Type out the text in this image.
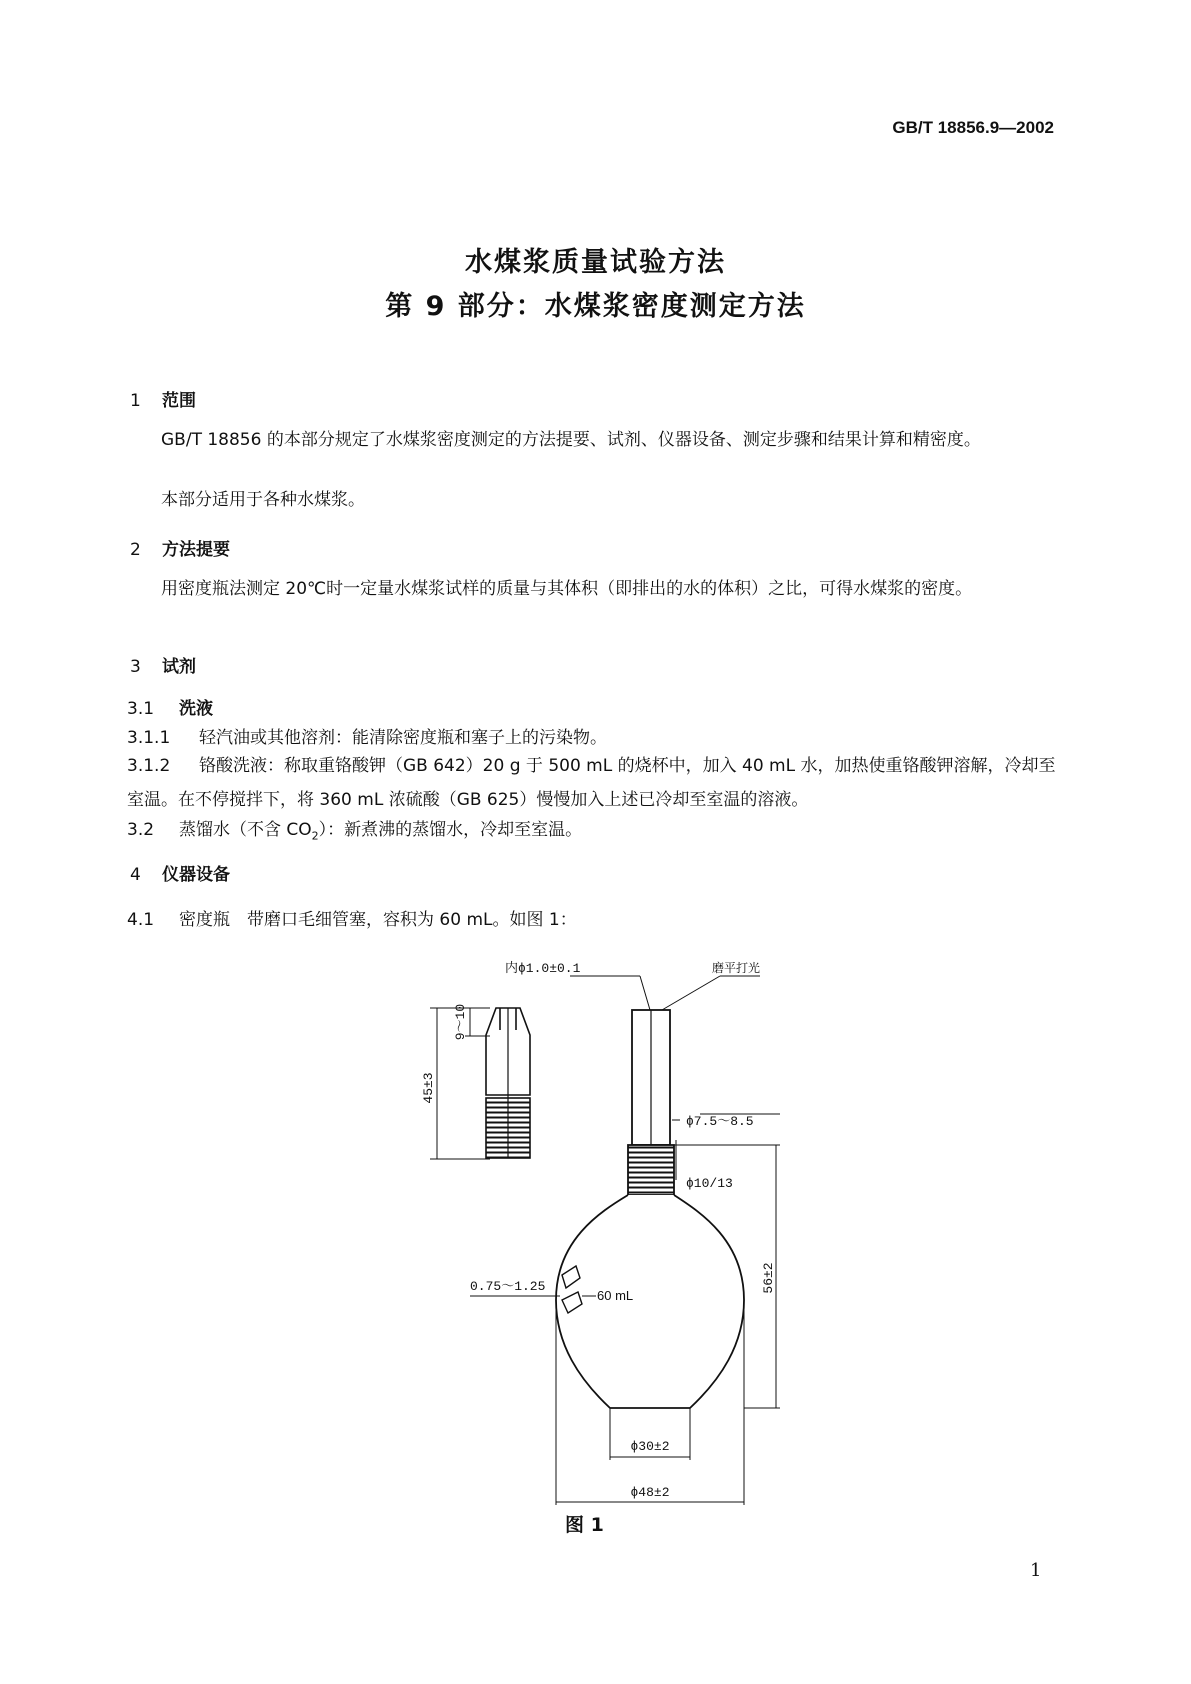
GB/T 18856.9—2002
水煤浆质量试验方法
第 9 部分：水煤浆密度测定方法
1 范围
GB/T 18856 的本部分规定了水煤浆密度测定的方法提要、试剂、仪器设备、测定步骤和结果计算和精密度。
本部分适用于各种水煤浆。
2 方法提要
用密度瓶法测定 20℃时一定量水煤浆试样的质量与其体积（即排出的水的体积）之比，可得水煤浆的密度。
3 试剂
3.1 洗液
3.1.1 轻汽油或其他溶剂：能清除密度瓶和塞子上的污染物。
3.1.2 铬酸洗液：称取重铬酸钾（GB 642）20 g 于 500 mL 的烧杯中，加入 40 mL 水，加热使重铬酸钾溶解，冷却至室温。在不停搅拌下，将 360 mL 浓硫酸（GB 625）慢慢加入上述已冷却至室温的溶液。
3.2 蒸馏水（不含 $CO_2$）：新煮沸的蒸馏水，冷却至室温。
4 仪器设备
4.1 密度瓶　带磨口毛细管塞，容积为 60 mL。如图 1：
45±3
9～10
内ϕ1.0±0.1	磨平打光
ϕ7.5～8.5
ϕ10/13
0.75～1.25
60 mL
56±2
ϕ30±2
ϕ48±2
图 1
1
